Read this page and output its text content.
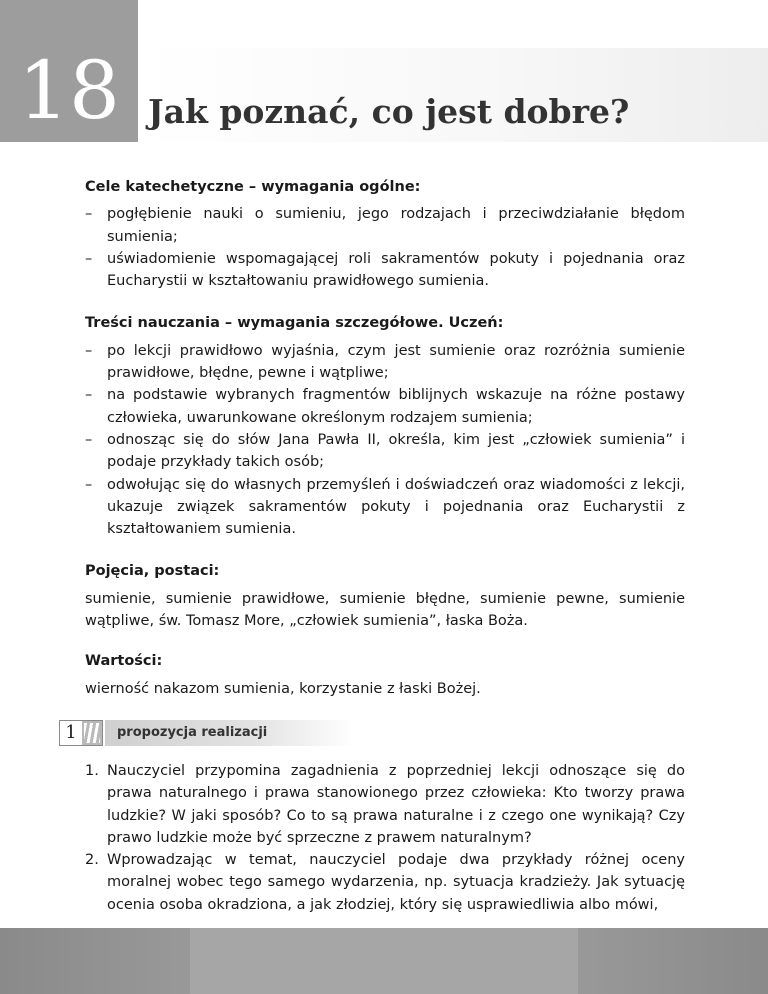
18 Jak poznać, co jest dobre?
Cele katechetyczne – wymagania ogólne:
– pogłębienie nauki o sumieniu, jego rodzajach i przeciwdziałanie błędom sumienia;
– uświadomienie wspomagającej roli sakramentów pokuty i pojednania oraz Eucharystii w kształtowaniu prawidłowego sumienia.
Treści nauczania – wymagania szczegółowe. Uczeń:
– po lekcji prawidłowo wyjaśnia, czym jest sumienie oraz rozróżnia sumienie prawidłowe, błędne, pewne i wątpliwe;
– na podstawie wybranych fragmentów biblijnych wskazuje na różne postawy człowieka, uwarunkowane określonym rodzajem sumienia;
– odnosząc się do słów Jana Pawła II, określa, kim jest „człowiek sumienia” i podaje przykłady takich osób;
– odwołując się do własnych przemyśleń i doświadczeń oraz wiadomości z lekcji, ukazuje związek sakramentów pokuty i pojednania oraz Eucharystii z kształtowaniem sumienia.
Pojęcia, postaci:

sumienie, sumienie prawidłowe, sumienie błędne, sumienie pewne, sumienie wątpliwe, św. Tomasz More, „człowiek sumienia”, łaska Boża.

Wartości:

wierność nakazom sumienia, korzystanie z łaski Bożej.

1	propozycja realizacji
1. Nauczyciel przypomina zagadnienia z poprzedniej lekcji odnoszące się do prawa naturalnego i prawa stanowionego przez człowieka: Kto tworzy prawa ludzkie? W jaki sposób? Co to są prawa naturalne i z czego one wynikają? Czy prawo ludzkie może być sprzeczne z prawem naturalnym?
2. Wprowadzając w temat, nauczyciel podaje dwa przykłady różnej oceny moralnej wobec tego samego wydarzenia, np. sytuacja kradzieży. Jak sytuację ocenia osoba okradziona, a jak złodziej, który się usprawiedliwia albo mówi,
76
